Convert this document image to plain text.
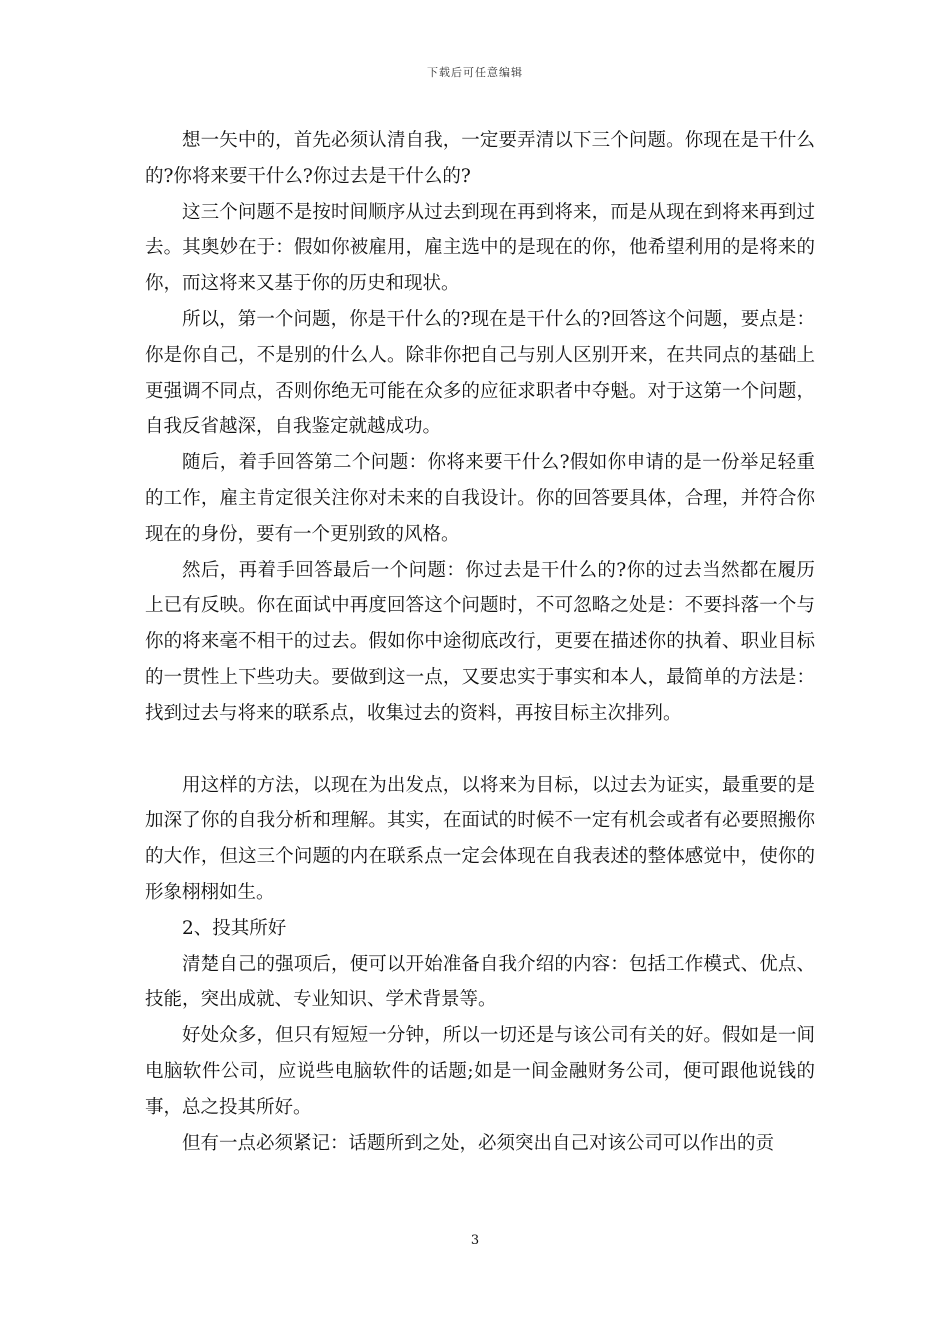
下载后可任意编辑

想一矢中的，首先必须认清自我，一定要弄清以下三个问题。你现在是干什么的?你将来要干什么?你过去是干什么的?

这三个问题不是按时间顺序从过去到现在再到将来，而是从现在到将来再到过去。其奥妙在于：假如你被雇用，雇主选中的是现在的你，他希望利用的是将来的你，而这将来又基于你的历史和现状。

所以，第一个问题，你是干什么的?现在是干什么的?回答这个问题，要点是：你是你自己，不是别的什么人。除非你把自己与别人区别开来，在共同点的基础上更强调不同点，否则你绝无可能在众多的应征求职者中夺魁。对于这第一个问题，自我反省越深，自我鉴定就越成功。

随后，着手回答第二个问题：你将来要干什么?假如你申请的是一份举足轻重的工作，雇主肯定很关注你对未来的自我设计。你的回答要具体，合理，并符合你现在的身份，要有一个更别致的风格。

然后，再着手回答最后一个问题：你过去是干什么的?你的过去当然都在履历上已有反映。你在面试中再度回答这个问题时，不可忽略之处是：不要抖落一个与你的将来毫不相干的过去。假如你中途彻底改行，更要在描述你的执着、职业目标的一贯性上下些功夫。要做到这一点，又要忠实于事实和本人，最简单的方法是：找到过去与将来的联系点，收集过去的资料，再按目标主次排列。

用这样的方法，以现在为出发点，以将来为目标，以过去为证实，最重要的是加深了你的自我分析和理解。其实，在面试的时候不一定有机会或者有必要照搬你的大作，但这三个问题的内在联系点一定会体现在自我表述的整体感觉中，使你的形象栩栩如生。

2、投其所好

清楚自己的强项后，便可以开始准备自我介绍的内容：包括工作模式、优点、技能，突出成就、专业知识、学术背景等。

好处众多，但只有短短一分钟，所以一切还是与该公司有关的好。假如是一间电脑软件公司，应说些电脑软件的话题;如是一间金融财务公司，便可跟他说钱的事，总之投其所好。

但有一点必须紧记：话题所到之处，必须突出自己对该公司可以作出的贡

3
